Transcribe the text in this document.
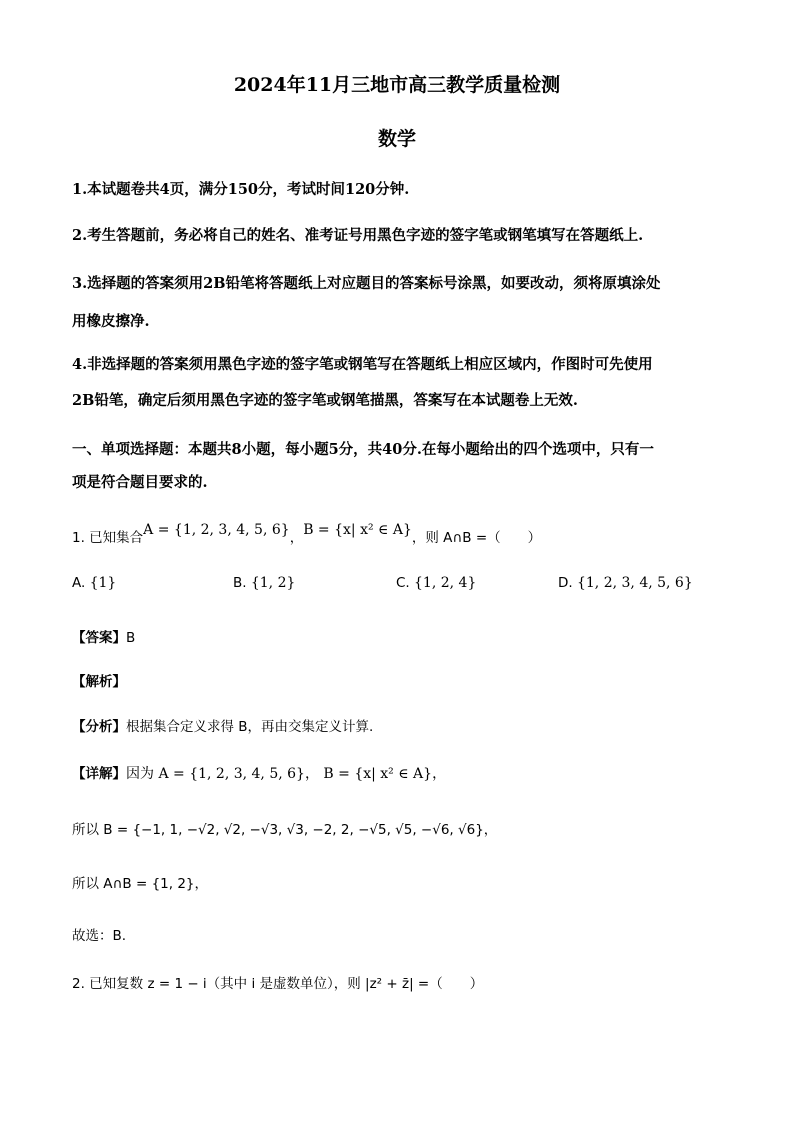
2024年11月三地市高三教学质量检测
数学
1.本试题卷共4页，满分150分，考试时间120分钟.
2.考生答题前，务必将自己的姓名、准考证号用黑色字迹的签字笔或钢笔填写在答题纸上.
3.选择题的答案须用2B铅笔将答题纸上对应题目的答案标号涂黑，如要改动，须将原填涂处
用橡皮擦净.
4.非选择题的答案须用黑色字迹的签字笔或钢笔写在答题纸上相应区域内，作图时可先使用
2B铅笔，确定后须用黑色字迹的签字笔或钢笔描黑，答案写在本试题卷上无效.
一、单项选择题：本题共8小题，每小题5分，共40分.在每小题给出的四个选项中，只有一
项是符合题目要求的.
1. 已知集合A = {1, 2, 3, 4, 5, 6}，B = {x| x² ∈ A}，则 A∩B =（　　）
A. {1}	B. {1, 2}	C. {1, 2, 4}	D. {1, 2, 3, 4, 5, 6}
【答案】B
【解析】
【分析】根据集合定义求得 B，再由交集定义计算.
【详解】因为 A = {1, 2, 3, 4, 5, 6}， B = {x| x² ∈ A}，
所以 B = {−1, 1, −√2, √2, −√3, √3, −2, 2, −√5, √5, −√6, √6}，
所以 A∩B = {1, 2}，
故选：B.
2. 已知复数 z = 1 − i（其中 i 是虚数单位），则 |z² + z̄| =（　　）
